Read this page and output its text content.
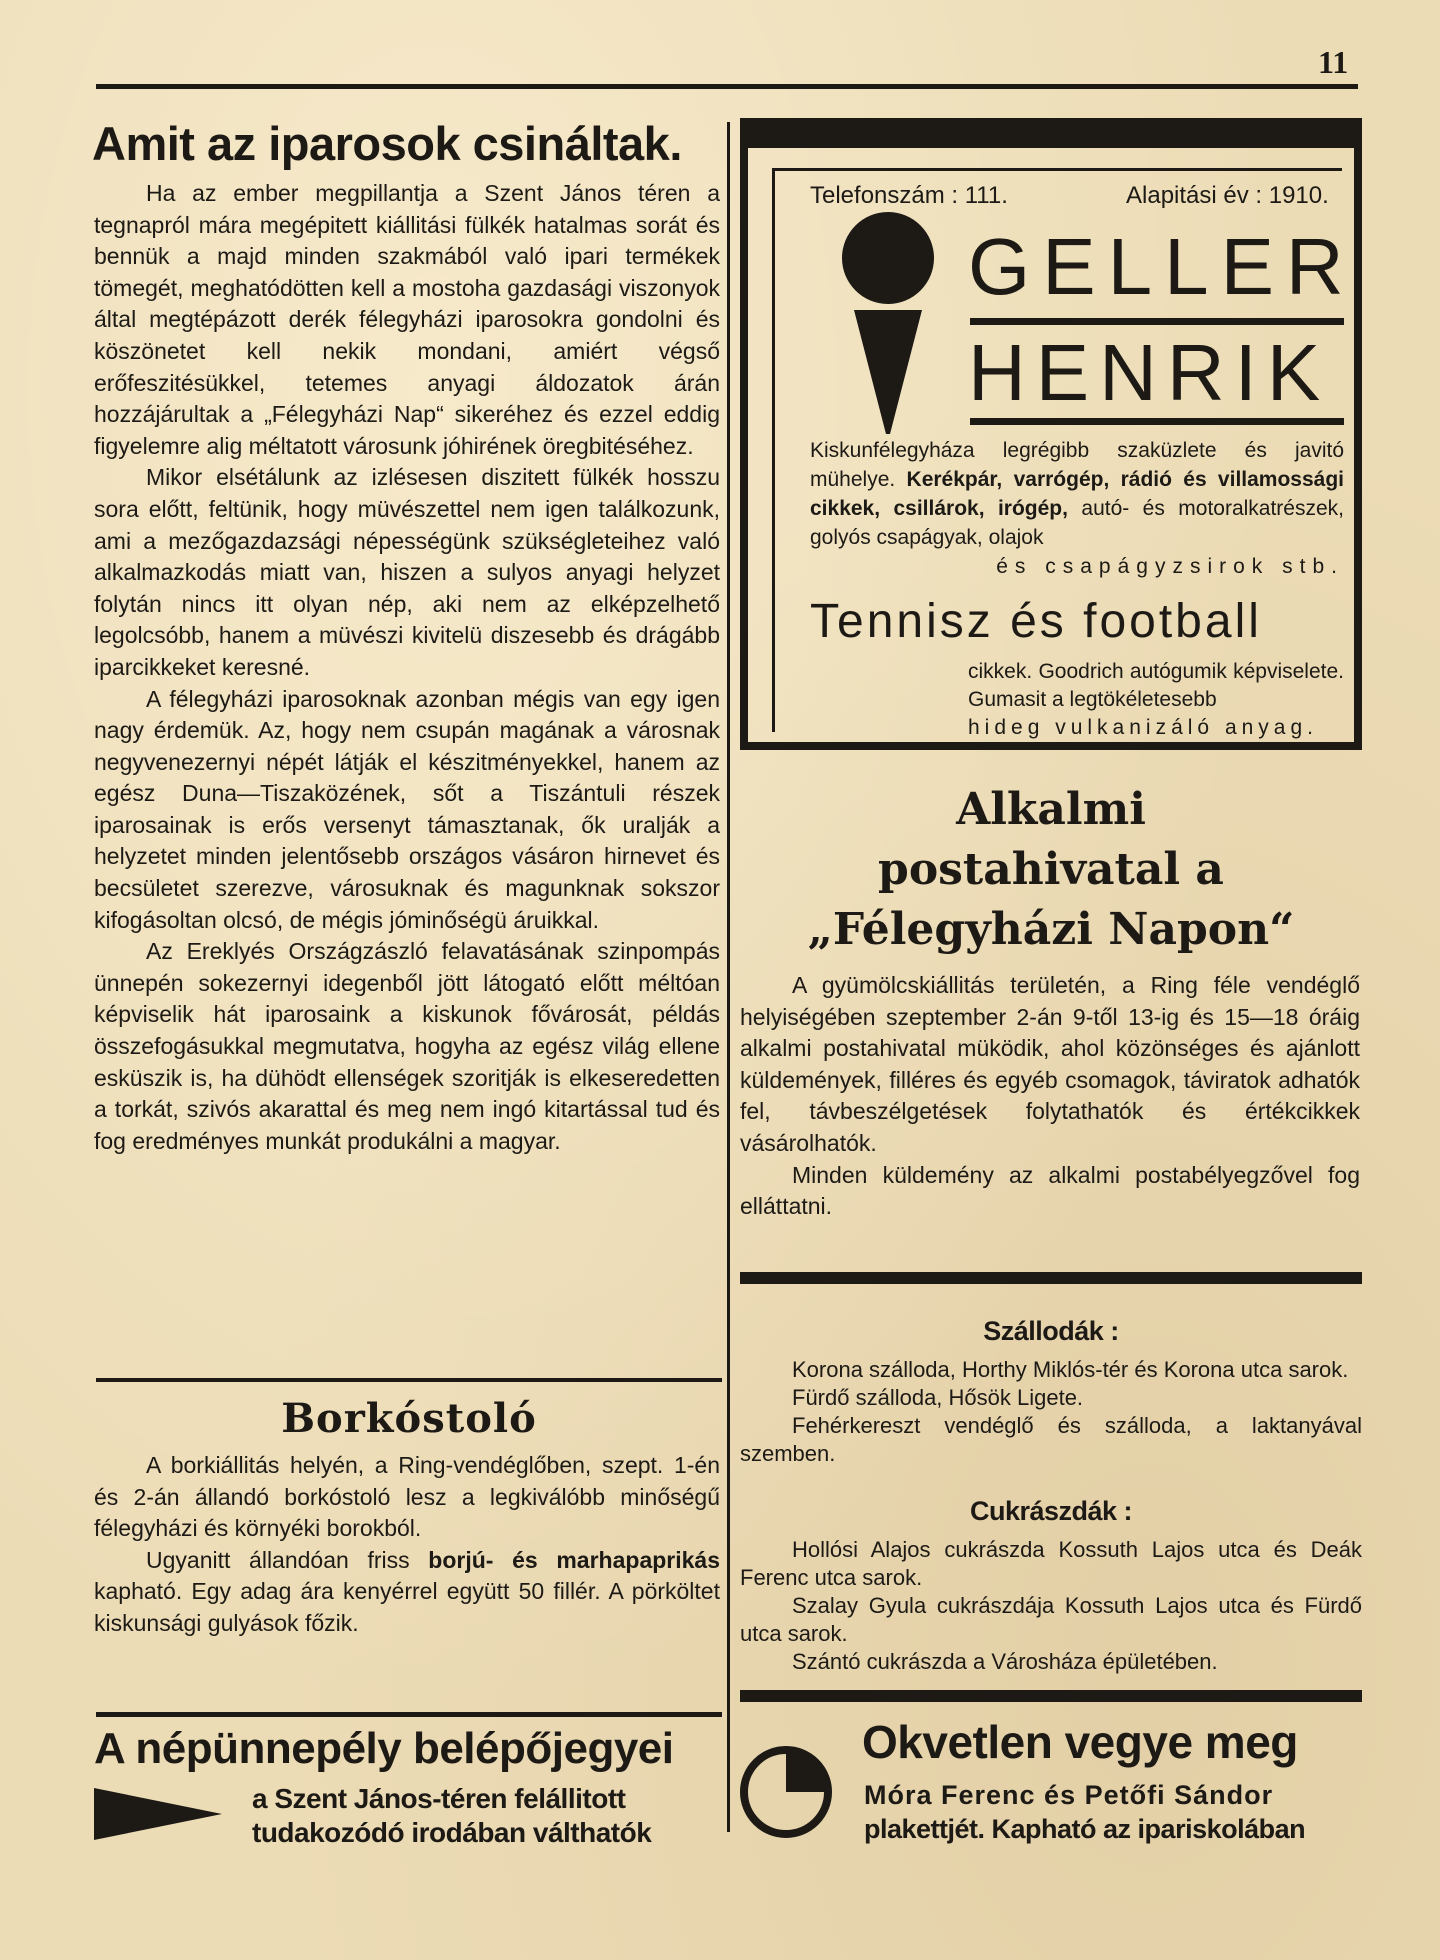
11
Amit az iparosok csináltak.

Ha az ember megpillantja a Szent János téren a tegnapról mára megépitett kiállitási fülkék hatalmas sorát és bennük a majd minden szakmából való ipari termékek tömegét, meghatódötten kell a mostoha gazdasági viszonyok által megtépázott derék félegyházi iparosokra gondolni és köszönetet kell nekik mondani, amiért végső erőfeszitésükkel, tetemes anyagi áldozatok árán hozzájárultak a „Félegyházi Nap“ sikeréhez és ezzel eddig figyelemre alig méltatott városunk jóhirének öregbitéséhez.

Mikor elsétálunk az izlésesen diszitett fülkék hosszu sora előtt, feltünik, hogy müvészettel nem igen találkozunk, ami a mezőgazdazsági népességünk szükségleteihez való alkalmazkodás miatt van, hiszen a sulyos anyagi helyzet folytán nincs itt olyan nép, aki nem az elképzelhető legolcsóbb, hanem a müvészi kivitelü diszesebb és drágább iparcikkeket keresné.

A félegyházi iparosoknak azonban mégis van egy igen nagy érdemük. Az, hogy nem csupán magának a városnak negyvenezernyi népét látják el készitményekkel, hanem az egész Duna—Tiszaközének, sőt a Tiszántuli részek iparosainak is erős versenyt támasztanak, ők uralják a helyzetet minden jelentősebb országos vásáron hirnevet és becsületet szerezve, városuknak és magunknak sokszor kifogásoltan olcsó, de mégis jóminőségü áruikkal.

Az Ereklyés Országzászló felavatásának szinpompás ünnepén sokezernyi idegenből jött látogató előtt méltóan képviselik hát iparosaink a kiskunok fővárosát, példás összefogásukkal megmutatva, hogyha az egész világ ellene esküszik is, ha dühödt ellenségek szoritják is elkeseredetten a torkát, szivós akarattal és meg nem ingó kitartással tud és fog eredményes munkát produkálni a magyar.

Borkóstoló

A borkiállitás helyén, a Ring-vendéglőben, szept. 1-én és 2-án állandó borkóstoló lesz a legkiválóbb minőségű félegyházi és környéki borokból.

Ugyanitt állandóan friss borjú- és marhapaprikás kapható. Egy adag ára kenyérrel együtt 50 fillér. A pörköltet kiskunsági gulyások főzik.

A népünnepély belépőjegyei
a Szent János-téren felállitott
tudakozódó irodában válthatók
Telefonszám : 111.	Alapitási év : 1910.
GELLER
HENRIK
Kiskunfélegyháza legrégibb szaküzlete és javitó mühelye. Kerékpár, varrógép, rádió és villamossági cikkek, csillárok, irógép, autó- és motoralkatrészek, golyós csapágyak, olajok
és csapágyzsirok stb.
Tennisz és football
cikkek. Goodrich autógumik képviselete. Gumasit a legtökéletesebb
hideg vulkanizáló anyag.
Alkalmi
postahivatal a
„Félegyházi Napon“

A gyümölcskiállitás területén, a Ring féle vendéglő helyiségében szeptember 2-án 9-től 13-ig és 15—18 óráig alkalmi postahivatal müködik, ahol közönséges és ajánlott küldemények, filléres és egyéb csomagok, táviratok adhatók fel, távbeszélgetések folytathatók és értékcikkek vásárolhatók.

Minden küldemény az alkalmi postabélyegzővel fog elláttatni.

Szállodák :

Korona szálloda, Horthy Miklós-tér és Korona utca sarok.

Fürdő szálloda, Hősök Ligete.

Fehérkereszt vendéglő és szálloda, a laktanyával szemben.

Cukrászdák :

Hollósi Alajos cukrászda Kossuth Lajos utca és Deák Ferenc utca sarok.

Szalay Gyula cukrászdája Kossuth Lajos utca és Fürdő utca sarok.

Szántó cukrászda a Városháza épületében.

Okvetlen vegye meg
Móra Ferenc és Petőfi Sándor
plakettjét. Kapható az ipariskolában
